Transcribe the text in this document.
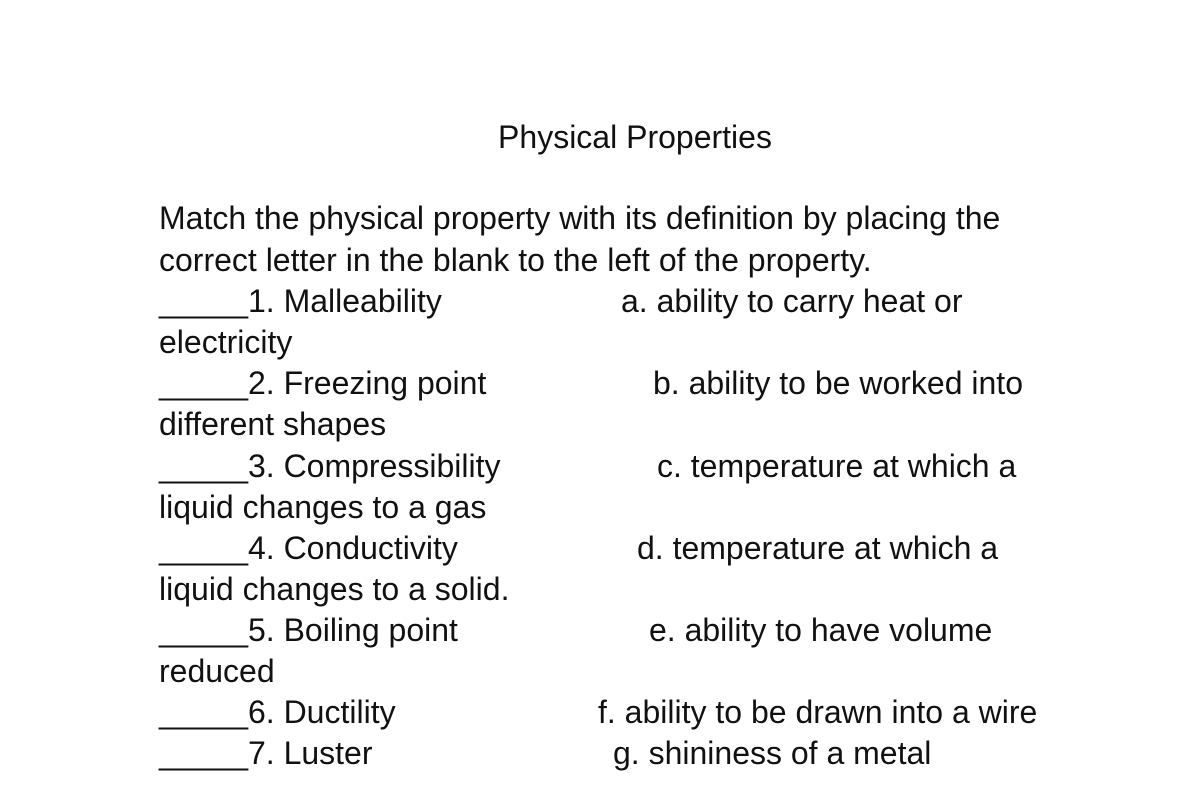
Physical Properties
Match the physical property with its definition by placing the
correct letter in the blank to the left of the property.
_____1. Malleability	a. ability to carry heat or
electricity
_____2. Freezing point	b. ability to be worked into
different shapes
_____3. Compressibility	c. temperature at which a
liquid changes to a gas
_____4. Conductivity	d. temperature at which a
liquid changes to a solid.
_____5. Boiling point	e. ability to have volume
reduced
_____6. Ductility	f. ability to be drawn into a wire
_____7. Luster	g. shininess of a metal
